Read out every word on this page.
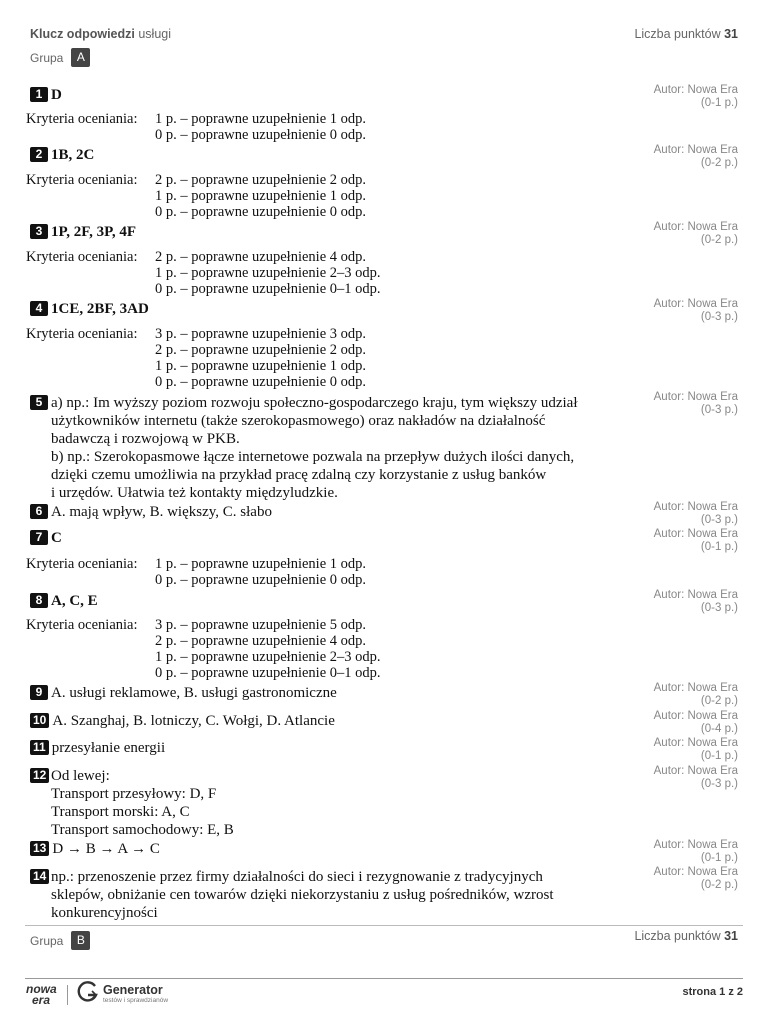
Klucz odpowiedzi usługi	Liczba punktów 31
Grupa	A
1 D	Autor: Nowa Era
(0-1 p.)
Kryteria oceniania: 1 p. – poprawne uzupełnienie 1 odp.
0 p. – poprawne uzupełnienie 0 odp.
2 1B, 2C	Autor: Nowa Era
(0-2 p.)
Kryteria oceniania: 2 p. – poprawne uzupełnienie 2 odp.
1 p. – poprawne uzupełnienie 1 odp.
0 p. – poprawne uzupełnienie 0 odp.
3 1P, 2F, 3P, 4F	Autor: Nowa Era
(0-2 p.)
Kryteria oceniania: 2 p. – poprawne uzupełnienie 4 odp.
1 p. – poprawne uzupełnienie 2–3 odp.
0 p. – poprawne uzupełnienie 0–1 odp.
4 1CE, 2BF, 3AD	Autor: Nowa Era
(0-3 p.)
Kryteria oceniania: 3 p. – poprawne uzupełnienie 3 odp.
2 p. – poprawne uzupełnienie 2 odp.
1 p. – poprawne uzupełnienie 1 odp.
0 p. – poprawne uzupełnienie 0 odp.
5 a) np.: Im wyższy poziom rozwoju społeczno-gospodarczego kraju, tym większy udział
użytkowników internetu (także szerokopasmowego) oraz nakładów na działalność
badawczą i rozwojową w PKB.
b) np.: Szerokopasmowe łącze internetowe pozwala na przepływ dużych ilości danych,
dzięki czemu umożliwia na przykład pracę zdalną czy korzystanie z usług banków
i urzędów. Ułatwia też kontakty międzyludzkie.
Autor: Nowa Era
(0-3 p.)
6 A. mają wpływ, B. większy, C. słabo	Autor: Nowa Era
(0-3 p.)
7 C	Autor: Nowa Era
(0-1 p.)
Kryteria oceniania: 1 p. – poprawne uzupełnienie 1 odp.
0 p. – poprawne uzupełnienie 0 odp.
8 A, C, E	Autor: Nowa Era
(0-3 p.)
Kryteria oceniania: 3 p. – poprawne uzupełnienie 5 odp.
2 p. – poprawne uzupełnienie 4 odp.
1 p. – poprawne uzupełnienie 2–3 odp.
0 p. – poprawne uzupełnienie 0–1 odp.
9 A. usługi reklamowe, B. usługi gastronomiczne	Autor: Nowa Era
(0-2 p.)
10 A. Szanghaj, B. lotniczy, C. Wołgi, D. Atlancie	Autor: Nowa Era
(0-4 p.)
11 przesyłanie energii	Autor: Nowa Era
(0-1 p.)
12 Od lewej:
Transport przesyłowy: D, F
Transport morski: A, C
Transport samochodowy: E, B
Autor: Nowa Era
(0-3 p.)
13 D → B → A → C	Autor: Nowa Era
(0-1 p.)
14 np.: przenoszenie przez firmy działalności do sieci i rezygnowanie z tradycyjnych
sklepów, obniżanie cen towarów dzięki niekorzystaniu z usług pośredników, wzrost
konkurencyjności
Autor: Nowa Era
(0-2 p.)
Grupa	B	Liczba punktów 31
nowa
era
Generator
testów i sprawdzianów
strona 1 z 2
